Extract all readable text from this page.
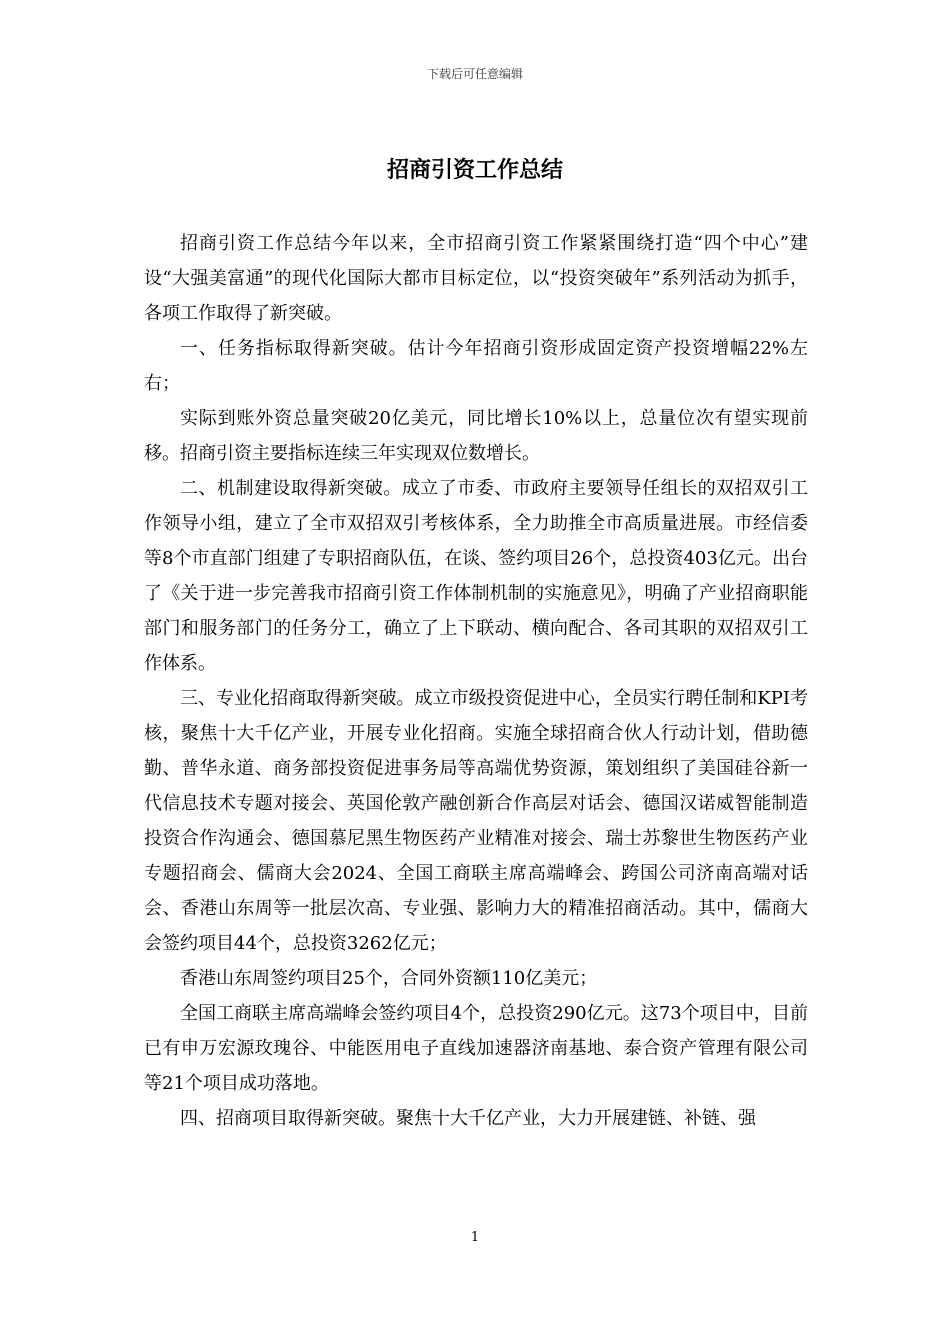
下载后可任意编辑
招商引资工作总结

招商引资工作总结今年以来，全市招商引资工作紧紧围绕打造“四个中心”建设“大强美富通”的现代化国际大都市目标定位，以“投资突破年”系列活动为抓手，各项工作取得了新突破。

一、任务指标取得新突破。估计今年招商引资形成固定资产投资增幅22%左右；

实际到账外资总量突破20亿美元，同比增长10%以上，总量位次有望实现前移。招商引资主要指标连续三年实现双位数增长。

二、机制建设取得新突破。成立了市委、市政府主要领导任组长的双招双引工作领导小组，建立了全市双招双引考核体系，全力助推全市高质量进展。市经信委等8个市直部门组建了专职招商队伍，在谈、签约项目26个，总投资403亿元。出台了《关于进一步完善我市招商引资工作体制机制的实施意见》，明确了产业招商职能部门和服务部门的任务分工，确立了上下联动、横向配合、各司其职的双招双引工作体系。

三、专业化招商取得新突破。成立市级投资促进中心，全员实行聘任制和KPI考核，聚焦十大千亿产业，开展专业化招商。实施全球招商合伙人行动计划，借助德勤、普华永道、商务部投资促进事务局等高端优势资源，策划组织了美国硅谷新一代信息技术专题对接会、英国伦敦产融创新合作高层对话会、德国汉诺威智能制造投资合作沟通会、德国慕尼黑生物医药产业精准对接会、瑞士苏黎世生物医药产业专题招商会、儒商大会2024、全国工商联主席高端峰会、跨国公司济南高端对话会、香港山东周等一批层次高、专业强、影响力大的精准招商活动。其中，儒商大会签约项目44个，总投资3262亿元；

香港山东周签约项目25个，合同外资额110亿美元；

全国工商联主席高端峰会签约项目4个，总投资290亿元。这73个项目中，目前已有申万宏源玫瑰谷、中能医用电子直线加速器济南基地、泰合资产管理有限公司等21个项目成功落地。

四、招商项目取得新突破。聚焦十大千亿产业，大力开展建链、补链、强

1
